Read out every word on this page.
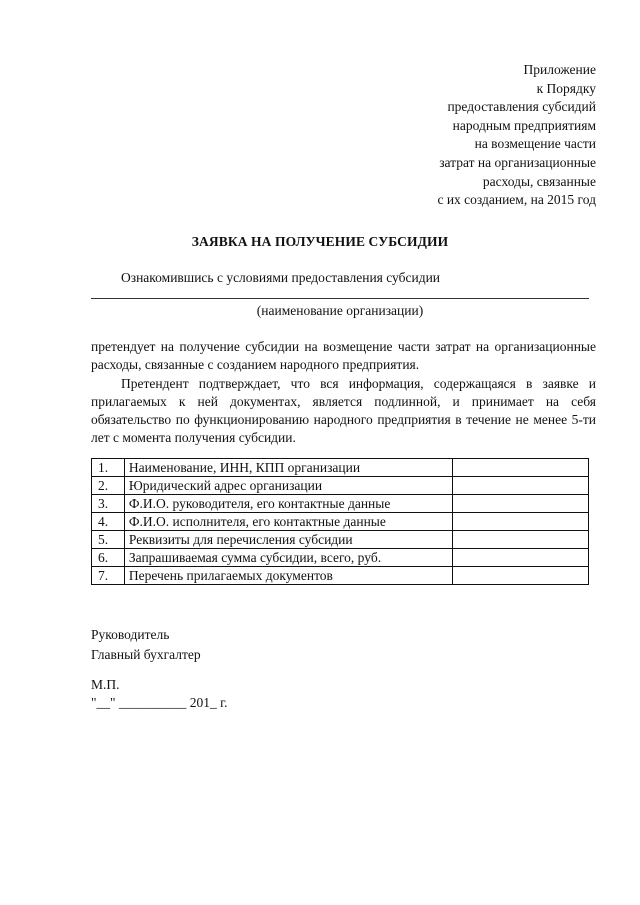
Приложение
к Порядку
предоставления субсидий
народным предприятиям
на возмещение части
затрат на организационные
расходы, связанные
с их созданием, на 2015 год
ЗАЯВКА НА ПОЛУЧЕНИЕ СУБСИДИИ
Ознакомившись с условиями предоставления субсидии
(наименование организации)

претендует на получение субсидии на возмещение части затрат на организационные расходы, связанные с созданием народного предприятия.

Претендент подтверждает, что вся информация, содержащаяся в заявке и прилагаемых к ней документах, является подлинной, и принимает на себя обязательство по функционированию народного предприятия в течение не менее 5-ти лет с момента получения субсидии.

1.	Наименование, ИНН, КПП организации	
2.	Юридический адрес организации	
3.	Ф.И.О. руководителя, его контактные данные	
4.	Ф.И.О. исполнителя, его контактные данные	
5.	Реквизиты для перечисления субсидии	
6.	Запрашиваемая сумма субсидии, всего, руб.	
7.	Перечень прилагаемых документов	
Руководитель
Главный бухгалтер
М.П.
"__" __________ 201_ г.
